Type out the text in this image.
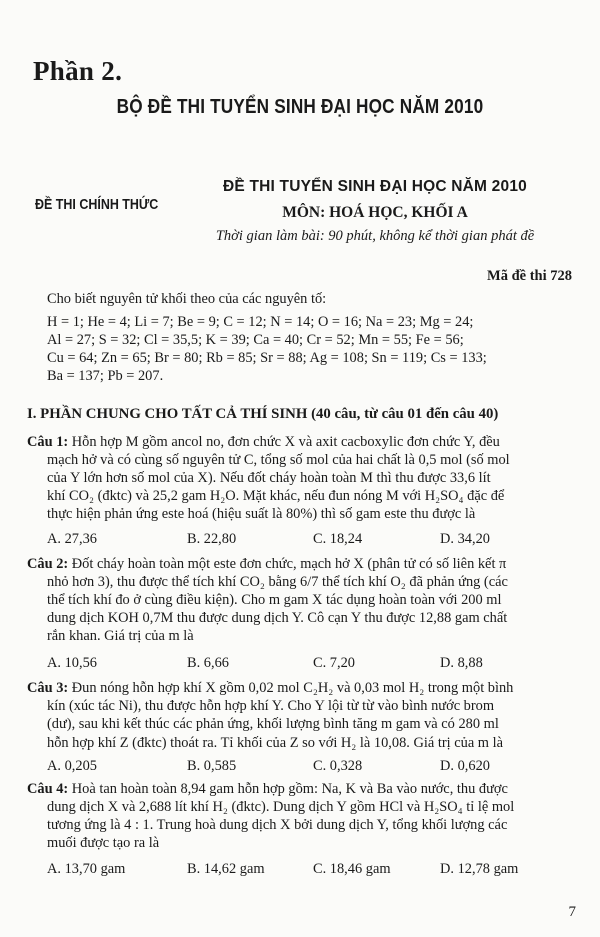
Phần 2.
BỘ ĐỀ THI TUYỂN SINH ĐẠI HỌC NĂM 2010
ĐỀ THI CHÍNH THỨC
ĐỀ THI TUYỂN SINH ĐẠI HỌC NĂM 2010
MÔN: HOÁ HỌC, KHỐI A
Thời gian làm bài: 90 phút, không kể thời gian phát đề
Mã đề thi 728
Cho biết nguyên tử khối theo của các nguyên tố:
H = 1; He = 4; Li = 7; Be = 9; C = 12; N = 14; O = 16; Na = 23; Mg = 24;
Al = 27; S = 32; Cl = 35,5; K = 39; Ca = 40; Cr = 52; Mn = 55; Fe = 56;
Cu = 64; Zn = 65; Br = 80; Rb = 85; Sr = 88; Ag = 108; Sn = 119; Cs = 133;
Ba = 137; Pb = 207.
I. PHẦN CHUNG CHO TẤT CẢ THÍ SINH (40 câu, từ câu 01 đến câu 40)
Câu 1: Hỗn hợp M gồm ancol no, đơn chức X và axit cacboxylic đơn chức Y, đều
mạch hở và có cùng số nguyên tử C, tổng số mol của hai chất là 0,5 mol (số mol
của Y lớn hơn số mol của X). Nếu đốt cháy hoàn toàn M thì thu được 33,6 lít
khí CO₂ (đktc) và 25,2 gam H₂O. Mặt khác, nếu đun nóng M với H₂SO₄ đặc để
thực hiện phản ứng este hoá (hiệu suất là 80%) thì số gam este thu được là
A. 27,36	B. 22,80	C. 18,24	D. 34,20
Câu 2: Đốt cháy hoàn toàn một este đơn chức, mạch hở X (phân tử có số liên kết π
nhỏ hơn 3), thu được thể tích khí CO₂ bằng 6/7 thể tích khí O₂ đã phản ứng (các
thể tích khí đo ở cùng điều kiện). Cho m gam X tác dụng hoàn toàn với 200 ml
dung dịch KOH 0,7M thu được dung dịch Y. Cô cạn Y thu được 12,88 gam chất
rắn khan. Giá trị của m là
A. 10,56	B. 6,66	C. 7,20	D. 8,88
Câu 3: Đun nóng hỗn hợp khí X gồm 0,02 mol C₂H₂ và 0,03 mol H₂ trong một bình
kín (xúc tác Ni), thu được hỗn hợp khí Y. Cho Y lội từ từ vào bình nước brom
(dư), sau khi kết thúc các phản ứng, khối lượng bình tăng m gam và có 280 ml
hỗn hợp khí Z (đktc) thoát ra. Tỉ khối của Z so với H₂ là 10,08. Giá trị của m là
A. 0,205	B. 0,585	C. 0,328	D. 0,620
Câu 4: Hoà tan hoàn toàn 8,94 gam hỗn hợp gồm: Na, K và Ba vào nước, thu được
dung dịch X và 2,688 lít khí H₂ (đktc). Dung dịch Y gồm HCl và H₂SO₄ tỉ lệ mol
tương ứng là 4 : 1. Trung hoà dung dịch X bởi dung dịch Y, tổng khối lượng các
muối được tạo ra là
A. 13,70 gam	B. 14,62 gam	C. 18,46 gam	D. 12,78 gam
7
